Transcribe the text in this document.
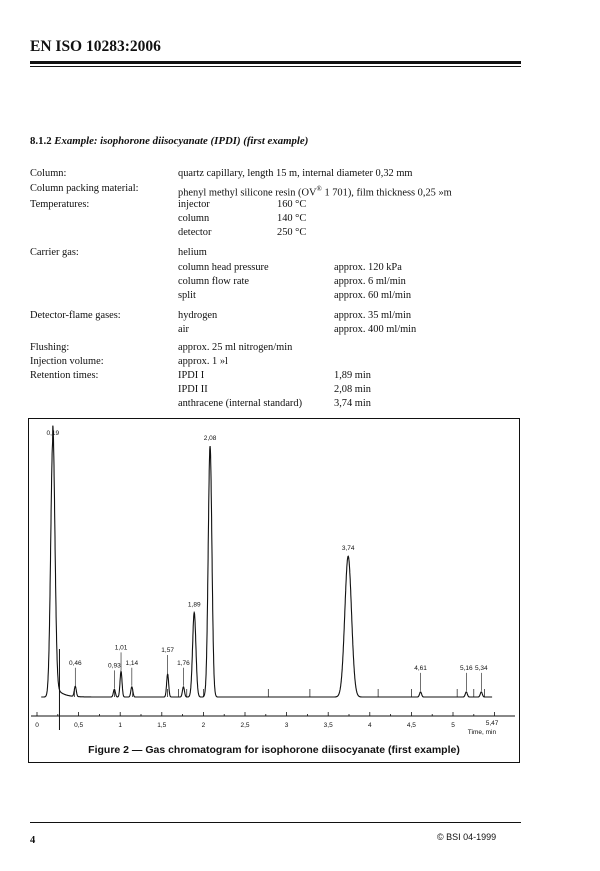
EN ISO 10283:2006
8.1.2 Example: isophorone diisocyanate (IPDI) (first example)
Column:	quartz capillary, length 15 m, internal diameter 0,32 mm
Column packing material:	phenyl methyl silicone resin (OV® 1 701), film thickness 0,25 »m
Temperatures:	injector	160 °C
column	140 °C
detector	250 °C
Carrier gas:	helium
column head pressure	approx. 120 kPa
column flow rate	approx. 6 ml/min
split	approx. 60 ml/min
Detector-flame gases:	hydrogen	approx. 35 ml/min
air	approx. 400 ml/min
Flushing:	approx. 25 ml nitrogen/min
Injection volume:	approx. 1 »l
Retention times:	IPDI I	1,89 min
IPDI II	2,08 min
anthracene (internal standard)	3,74 min
0	0,5	1	1,5	2	2,5	3	3,5	4	4,5	5	5,47
Time, min
0,19
0,46	0,93
1,01
1,14
1,57
1,76
1,89
2,08
3,74
4,61	5,16 5,34
Figure 2 — Gas chromatogram for isophorone diisocyanate (first example)
4	© BSI 04-1999
